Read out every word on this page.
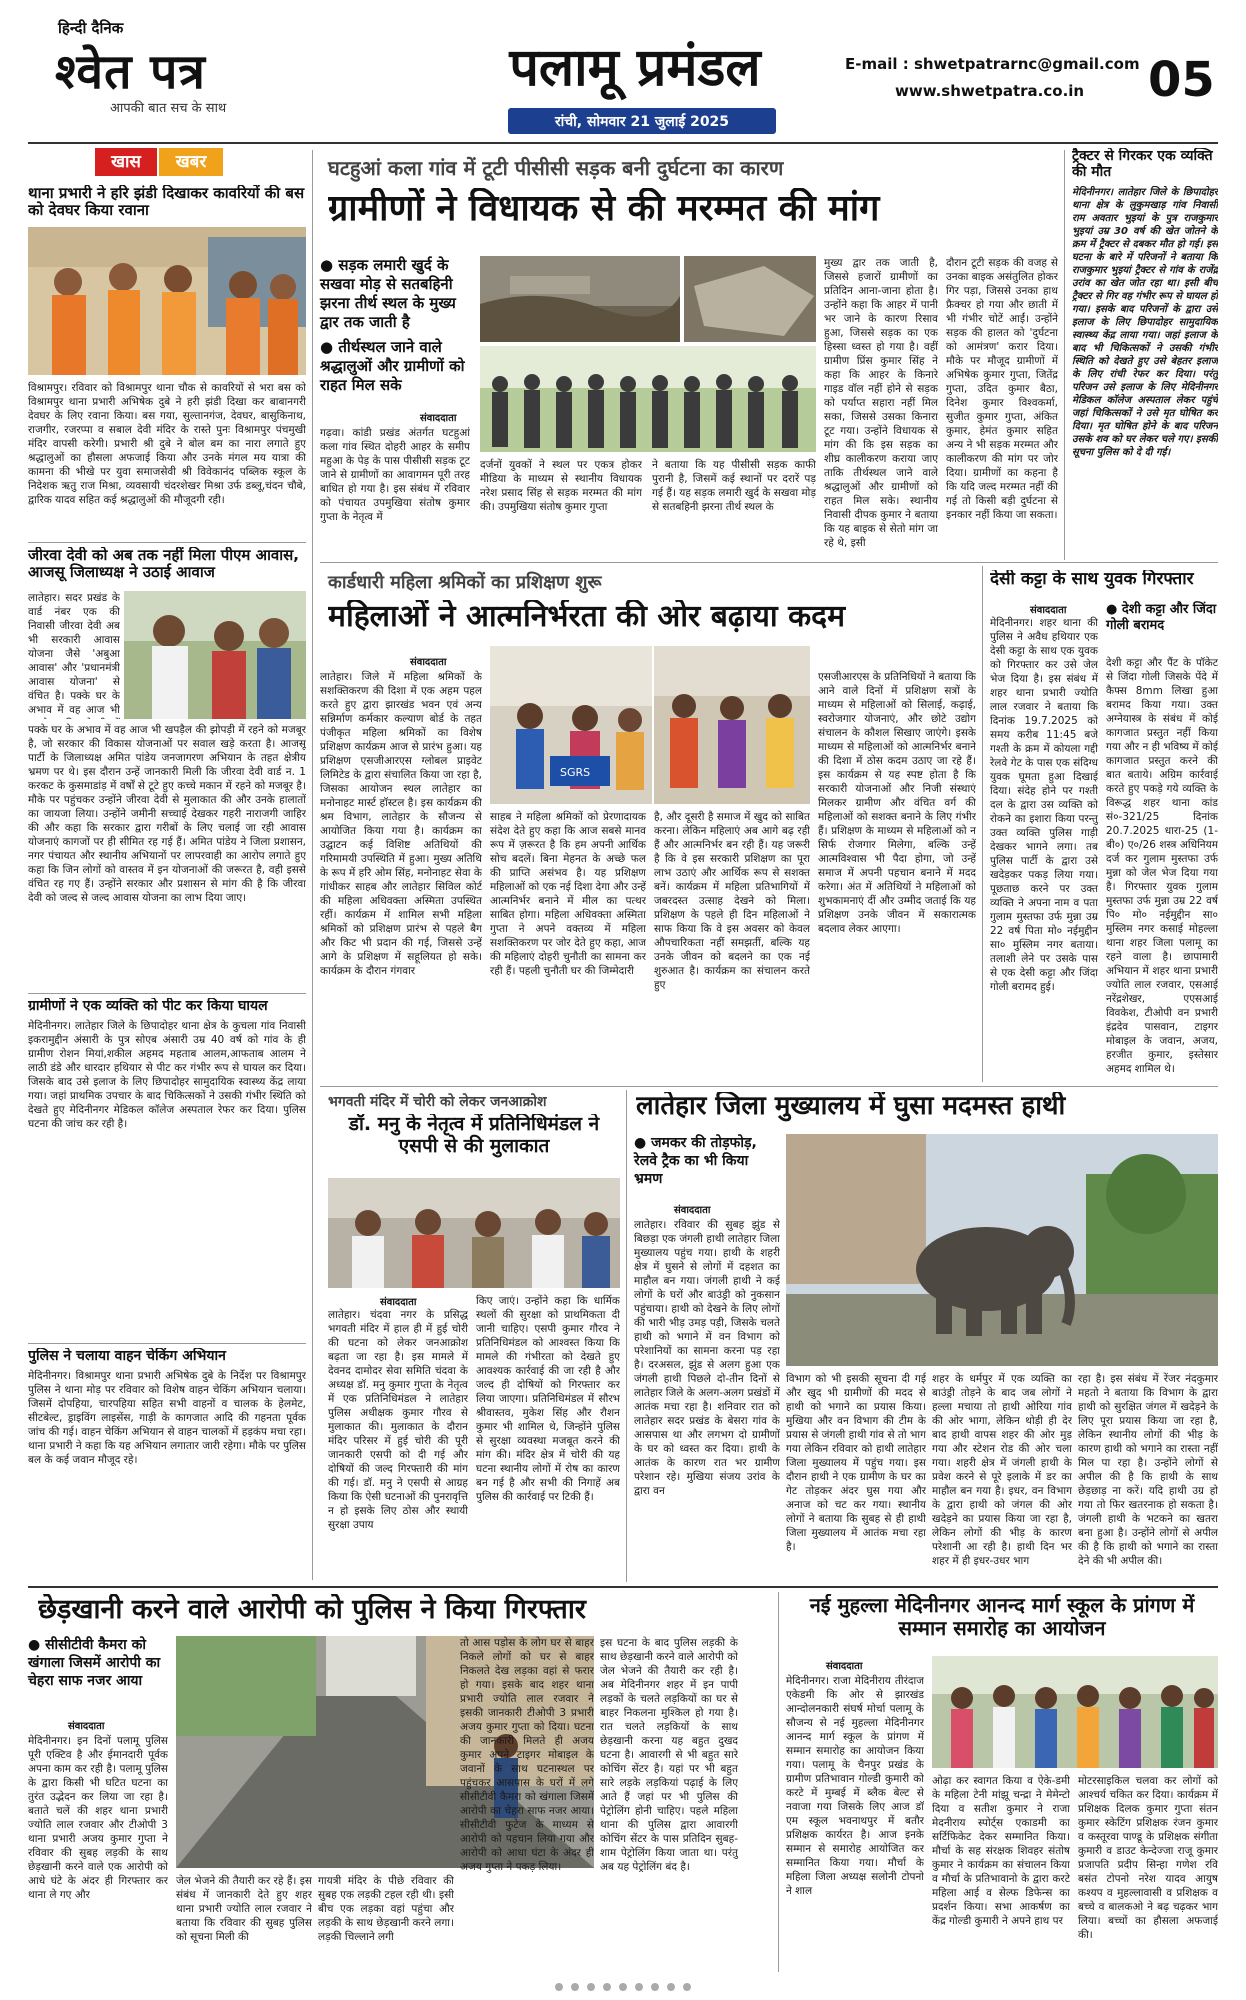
हिन्दी दैनिक
श्वेत पत्र
आपकी बात सच के साथ
पलामू प्रमंडल
रांची, सोमवार 21 जुलाई 2025
E-mail : shwetpatrarnc@gmail.com
www.shwetpatra.co.in 05
खास	खबर
थाना प्रभारी ने हरि झंडी दिखाकर कावरियों की बस को देवघर किया रवाना
विश्रामपुर। रविवार को विश्रामपुर थाना चौक से कावरियों से भरा बस को विश्रामपुर थाना प्रभारी अभिषेक दुबे ने हरी झंडी दिखा कर बाबानगरी देवघर के लिए रवाना किया। बस गया, सुल्तानगंज, देवघर, बासुकिनाथ, राजगीर, रजरप्पा व सबाल देवी मंदिर के रास्ते पुनः विश्रामपुर पंचमुखी मंदिर वापसी करेगी। प्रभारी श्री दुबे ने बोल बम का नारा लगाते हुए श्रद्धालुओं का हौसला अफजाई किया और उनके मंगल मय यात्रा की कामना की भीखे पर युवा समाजसेवी श्री विवेकानंद पब्लिक स्कूल के निदेशक ऋतु राज मिश्रा, व्यवसायी चंदरशेखर मिश्रा उर्फ डब्लू,चंदन चौबे, द्वारिक यादव सहित कई श्रद्धालुओं की मौजूदगी रही।
जीरवा देवी को अब तक नहीं मिला पीएम आवास, आजसू जिलाध्यक्ष ने उठाई आवाज
लातेहार। सदर प्रखंड के वार्ड नंबर एक की निवासी जीरवा देवी अब भी सरकारी आवास योजना जैसे 'अबुआ आवास' और 'प्रधानमंत्री आवास योजना' से वंचित है। पक्के घर के अभाव में वह आज भी
पक्के घर के अभाव में वह आज भी खपड़ैल की झोपड़ी में रहने को मजबूर है, जो सरकार की विकास योजनाओं पर सवाल खड़े करता है। आजसू पार्टी के जिलाध्यक्ष अमित पांडेय जनजागरण अभियान के तहत क्षेत्रीय भ्रमण पर थे। इस दौरान उन्हें जानकारी मिली कि जीरवा देवी वार्ड न. 1 करकट के कुसमाडांड़ में वर्षों से टूटे हुए कच्चे मकान में रहने को मजबूर है। मौके पर पहुंचकर उन्होंने जीरवा देवी से मुलाकात की और उनके हालातों का जायजा लिया। उन्होंने जमीनी सच्चाई देखकर गहरी नाराजगी जाहिर की और कहा कि सरकार द्वारा गरीबों के लिए चलाई जा रही आवास योजनाएं कागजों पर ही सीमित रह गई हैं। अमित पांडेय ने जिला प्रशासन, नगर पंचायत और स्थानीय अभियानों पर लापरवाही का आरोप लगाते हुए कहा कि जिन लोगों को वास्तव में इन योजनाओं की जरूरत है, वही इससे वंचित रह गए हैं। उन्होंने सरकार और प्रशासन से मांग की है कि जीरवा देवी को जल्द से जल्द आवास योजना का लाभ दिया जाए।
ग्रामीणों ने एक व्यक्ति को पीट कर किया घायल
मेदिनीनगर। लातेहार जिले के छिपादोहर थाना क्षेत्र के कुचला गांव निवासी इकरामुद्दीन अंसारी के पुत्र सोएब अंसारी उम्र 40 वर्ष को गांव के ही ग्रामीण रोशन मियां,शकील अहमद महताब आलम,आफताब आलम ने लाठी डंडे और धारदार हथियार से पीट कर गंभीर रूप से घायल कर दिया। जिसके बाद उसे इलाज के लिए छिपादोहर सामुदायिक स्वास्थ्य केंद्र लाया गया। जहां प्राथमिक उपचार के बाद चिकित्सकों ने उसकी गंभीर स्थिति को देखते हुए मेदिनीनगर मेडिकल कॉलेज अस्पताल रेफर कर दिया। पुलिस घटना की जांच कर रही है।
पुलिस ने चलाया वाहन चेकिंग अभियान
मेदिनीनगर। विश्रामपुर थाना प्रभारी अभिषेक दुबे के निर्देश पर विश्रामपुर पुलिस ने थाना मोड़ पर रविवार को विशेष वाहन चेकिंग अभियान चलाया। जिसमें दोपहिया, चारपहिया सहित सभी वाहनों व चालक के हेलमेट, सीटबेल्ट, ड्राइविंग लाइसेंस, गाड़ी के कागजात आदि की गहनता पूर्वक जांच की गई। वाहन चेकिंग अभियान से वाहन चालकों में हड़कंप मचा रहा। थाना प्रभारी ने कहा कि यह अभियान लगातार जारी रहेगा। मौके पर पुलिस बल के कई जवान मौजूद रहे।
घटहुआं कला गांव में टूटी पीसीसी सड़क बनी दुर्घटना का कारण
ग्रामीणों ने विधायक से की मरम्मत की मांग
● सड़क लमारी खुर्द के सखवा मोड़ से सतबहिनी झरना तीर्थ स्थल के मुख्य द्वार तक जाती है
● तीर्थस्थल जाने वाले श्रद्धालुओं और ग्रामीणों को राहत मिल सके
संवाददाता
गढ़वा। कांडी प्रखंड अंतर्गत घटहुआं कला गांव स्थित दोहरी आहर के समीप महुआ के पेड़ के पास पीसीसी सड़क टूट जाने से ग्रामीणों का आवागमन पूरी तरह बाधित हो गया है। इस संबंध में रविवार को पंचायत उपमुखिया संतोष कुमार गुप्ता के नेतृत्व में
दर्जनों युवकों ने स्थल पर एकत्र होकर मीडिया के माध्यम से स्थानीय विधायक नरेश प्रसाद सिंह से सड़क मरम्मत की मांग की। उपमुखिया संतोष कुमार गुप्ता
ने बताया कि यह पीसीसी सड़क काफी पुरानी है, जिसमें कई स्थानों पर दरारें पड़ गई हैं। यह सड़क लमारी खुर्द के सखवा मोड़ से सतबहिनी झरना तीर्थ स्थल के
मुख्य द्वार तक जाती है, जिससे हजारों ग्रामीणों का प्रतिदिन आना-जाना होता है। उन्होंने कहा कि आहर में पानी भर जाने के कारण रिसाव हुआ, जिससे सड़क का एक हिस्सा ध्वस्त हो गया है। वहीं ग्रामीण प्रिंस कुमार सिंह ने कहा कि आहर के किनारे गाइड वॉल नहीं होने से सड़क को पर्याप्त सहारा नहीं मिल सका, जिससे उसका किनारा टूट गया। उन्होंने विधायक से मांग की कि इस सड़क का शीघ्र कालीकरण कराया जाए ताकि तीर्थस्थल जाने वाले श्रद्धालुओं और ग्रामीणों को राहत मिल सके। स्थानीय निवासी दीपक कुमार ने बताया कि यह बाइक से सेतो मांग जा रहे थे, इसी
दौरान टूटी सड़क की वजह से उनका बाइक असंतुलित होकर गिर पड़ा, जिससे उनका हाथ फ्रैक्चर हो गया और छाती में भी गंभीर चोटें आईं। उन्होंने सड़क की हालत को 'दुर्घटना को आमंत्रण' करार दिया। मौके पर मौजूद ग्रामीणों में अभिषेक कुमार गुप्ता, जितेंद्र गुप्ता, उदित कुमार बैठा, दिनेश कुमार विश्वकर्मा, सुजीत कुमार गुप्ता, अंकित कुमार, हेमंत कुमार सहित अन्य ने भी सड़क मरम्मत और कालीकरण की मांग पर जोर दिया। ग्रामीणों का कहना है कि यदि जल्द मरम्मत नहीं की गई तो किसी बड़ी दुर्घटना से इनकार नहीं किया जा सकता।
ट्रैक्टर से गिरकर एक व्यक्ति की मौत
मेदिनीनगर। लातेहार जिले के छिपादोहर थाना क्षेत्र के लुकुमखाड़ गांव निवासी राम अवतार भुइयां के पुत्र राजकुमार भुइयां उम्र 30 वर्ष की खेत जोतने के क्रम में ट्रैक्टर से दबकर मौत हो गई। इस घटना के बारे में परिजनों ने बताया कि राजकुमार भुइयां ट्रैक्टर से गांव के राजेंद्र उरांव का खेत जोत रहा था। इसी बीच ट्रैक्टर से गिर वह गंभीर रूप से घायल हो गया। इसके बाद परिजनों के द्वारा उसे इलाज के लिए छिपादोहर सामुदायिक स्वास्थ्य केंद्र लाया गया। जहां इलाज के बाद भी चिकित्सकों ने उसकी गंभीर स्थिति को देखते हुए उसे बेहतर इलाज के लिए रांची रेफर कर दिया। परंतु परिजन उसे इलाज के लिए मेदिनीनगर मेडिकल कॉलेज अस्पताल लेकर पहुंचे जहां चिकित्सकों ने उसे मृत घोषित कर दिया। मृत घोषित होने के बाद परिजन उसके शव को घर लेकर चले गए। इसकी सूचना पुलिस को दे दी गई।
कार्डधारी महिला श्रमिकों का प्रशिक्षण शुरू
महिलाओं ने आत्मनिर्भरता की ओर बढ़ाया कदम
संवाददाता
लातेहार। जिले में महिला श्रमिकों के सशक्तिकरण की दिशा में एक अहम पहल करते हुए द्वारा झारखंड भवन एवं अन्य सन्निर्माण कर्मकार कल्याण बोर्ड के तहत पंजीकृत महिला श्रमिकों का विशेष प्रशिक्षण कार्यक्रम आज से प्रारंभ हुआ। यह प्रशिक्षण एसजीआरएस ग्लोबल प्राइवेट लिमिटेड के द्वारा संचालित किया जा रहा है, जिसका आयोजन स्थल लातेहार का मनोनाहट मार्स्ट हॉस्टल है। इस कार्यक्रम की श्रम विभाग, लातेहार के सौजन्य से आयोजित किया गया है। कार्यक्रम का उद्घाटन कई विशिष्ट अतिथियों की गरिमामयी उपस्थिति में हुआ। मुख्य अतिथि के रूप में हरि ओम सिंह, मनोनाहट सेवा के गांधीकर साहब और लातेहार सिविल कोर्ट की महिला अधिवक्ता अस्मिता उपस्थित रहीं। कार्यक्रम में शामिल सभी महिला श्रमिकों को प्रशिक्षण प्रारंभ से पहले बैग और किट भी प्रदान की गई, जिससे उन्हें आगे के प्रशिक्षण में सहूलियत हो सके। कार्यक्रम के दौरान गंगवार
SGRS
साहब ने महिला श्रमिकों को प्रेरणादायक संदेश देते हुए कहा कि आज सबसे मानव रूप में ज़रूरत है कि हम अपनी आर्थिक सोच बदलें। बिना मेहनत के अच्छे फल की प्राप्ति असंभव है। यह प्रशिक्षण महिलाओं को एक नई दिशा देगा और उन्हें आत्मनिर्भर बनाने में मील का पत्थर साबित होगा। महिला अधिवक्ता अस्मिता गुप्ता ने अपने वक्तव्य में महिला सशक्तिकरण पर जोर देते हुए कहा, आज की महिलाएं दोहरी चुनौती का सामना कर रही हैं। पहली चुनौती घर की जिम्मेदारी
है, और दूसरी है समाज में खुद को साबित करना। लेकिन महिलाएं अब आगे बढ़ रही हैं और आत्मनिर्भर बन रही हैं। यह जरूरी है कि वे इस सरकारी प्रशिक्षण का पूरा लाभ उठाएं और आर्थिक रूप से सशक्त बनें। कार्यक्रम में महिला प्रतिभागियों में जबरदस्त उत्साह देखने को मिला। प्रशिक्षण के पहले ही दिन महिलाओं ने साफ किया कि वे इस अवसर को केवल औपचारिकता नहीं समझतीं, बल्कि यह उनके जीवन को बदलने का एक नई शुरुआत है। कार्यक्रम का संचालन करते हुए
एसजीआरएस के प्रतिनिधियों ने बताया कि आने वाले दिनों में प्रशिक्षण सत्रों के माध्यम से महिलाओं को सिलाई, कढ़ाई, स्वरोजगार योजनाएं, और छोटे उद्योग संचालन के कौशल सिखाए जाएंगे। इसके माध्यम से महिलाओं को आत्मनिर्भर बनाने की दिशा में ठोस कदम उठाए जा रहे हैं। इस कार्यक्रम से यह स्पष्ट होता है कि सरकारी योजनाओं और निजी संस्थाएं मिलकर ग्रामीण और वंचित वर्ग की महिलाओं को सशक्त बनाने के लिए गंभीर हैं। प्रशिक्षण के माध्यम से महिलाओं को न सिर्फ रोजगार मिलेगा, बल्कि उन्हें आत्मविश्वास भी पैदा होगा, जो उन्हें समाज में अपनी पहचान बनाने में मदद करेगा। अंत में अतिथियों ने महिलाओं को शुभकामनाएं दीं और उम्मीद जताई कि यह प्रशिक्षण उनके जीवन में सकारात्मक बदलाव लेकर आएगा।
देसी कट्टा के साथ युवक गिरफ्तार
संवाददाता
मेदिनीनगर। शहर थाना की पुलिस ने अवैध हथियार एक देसी कट्टा के साथ एक युवक को गिरफ्तार कर उसे जेल भेज दिया है। इस संबंध में शहर थाना प्रभारी ज्योति लाल रजवार ने बताया कि दिनांक 19.7.2025 को समय करीब 11:45 बजे गश्ती के क्रम में कोयला गद्दी रेलवे गेट के पास एक संदिग्ध युवक घूमता हुआ दिखाई दिया। संदेह होने पर गश्ती दल के द्वारा उस व्यक्ति को रोकने का इशारा किया परन्तु उक्त व्यक्ति पुलिस गाड़ी देखकर भागने लगा। तब पुलिस पार्टी के द्वारा उसे खदेड़कर पकड़ लिया गया। पूछताछ करने पर उक्त व्यक्ति ने अपना नाम व पता गुलाम मुस्तफा उर्फ मुन्ना उम्र 22 वर्ष पिता मो० नईमुद्दीन सा० मुस्लिम नगर बताया। तलाशी लेने पर उसके पास से एक देसी कट्टा और जिंदा गोली बरामद हुई।
● देशी कट्टा और जिंदा गोली बरामद
देशी कट्टा और पैंट के पॉकेट से जिंदा गोली जिसके पेंदे में कैफ्स 8mm लिखा हुआ बरामद किया गया। उक्त अग्नेयास्त्र के संबंध में कोई कागजात प्रस्तुत नहीं किया गया और न ही भविष्य में कोई कागजात प्रस्तुत करने की बात बताये। अग्रिम कार्रवाई करते हुए पकड़े गये व्यक्ति के विरूद्ध शहर थाना कांड सं०-321/25 दिनांक 20.7.2025 धारा-25 (1-बी०) ए०/26 शस्त्र अधिनियम दर्ज कर गुलाम मुस्तफा उर्फ मुन्ना को जेल भेज दिया गया है। गिरफ्तार युवक गुलाम मुस्तफा उर्फ मुन्ना उम्र 22 वर्ष पि० मो० नईमुद्दीन सा० मुस्लिम नगर कसाई मोहल्ला थाना शहर जिला पलामू का रहने वाला है। छापामारी अभियान में शहर थाना प्रभारी ज्योति लाल रजवार, एसआई नरेंद्रशेखर, एएसआई विवकेश, टीओपी वन प्रभारी इंद्रदेव पासवान, टाइगर मोबाइल के जवान, अजय, हरजीत कुमार, इस्तेसार अहमद शामिल थे।
भगवती मंदिर में चोरी को लेकर जनआक्रोश
डॉ. मनु के नेतृत्व में प्रतिनिधिमंडल ने एसपी से की मुलाकात
संवाददाता
लातेहार। चंदवा नगर के प्रसिद्ध भगवती मंदिर में हाल ही में हुई चोरी की घटना को लेकर जनआक्रोश बढ़ता जा रहा है। इस मामले में देवनद दामोदर सेवा समिति चंदवा के अध्यक्ष डॉ. मनु कुमार गुप्ता के नेतृत्व में एक प्रतिनिधिमंडल ने लातेहार पुलिस अधीक्षक कुमार गौरव से मुलाकात की। मुलाकात के दौरान मंदिर परिसर में हुई चोरी की पूरी जानकारी एसपी को दी गई और दोषियों की जल्द गिरफ्तारी की मांग की गई। डॉ. मनु ने एसपी से आग्रह किया कि ऐसी घटनाओं की पुनरावृत्ति न हो इसके लिए ठोस और स्थायी सुरक्षा उपाय
किए जाएं। उन्होंने कहा कि धार्मिक स्थलों की सुरक्षा को प्राथमिकता दी जानी चाहिए। एसपी कुमार गौरव ने प्रतिनिधिमंडल को आश्वस्त किया कि मामले की गंभीरता को देखते हुए आवश्यक कार्रवाई की जा रही है और जल्द ही दोषियों को गिरफ्तार कर लिया जाएगा। प्रतिनिधिमंडल में सौरभ श्रीवास्तव, मुकेश सिंह और रौशन कुमार भी शामिल थे, जिन्होंने पुलिस से सुरक्षा व्यवस्था मजबूत करने की मांग की। मंदिर क्षेत्र में चोरी की यह घटना स्थानीय लोगों में रोष का कारण बन गई है और सभी की निगाहें अब पुलिस की कार्रवाई पर टिकी हैं।
लातेहार जिला मुख्यालय में घुसा मदमस्त हाथी
● जमकर की तोड़फोड़, रेलवे ट्रैक का भी किया भ्रमण
संवाददाता
लातेहार। रविवार की सुबह झुंड से बिछड़ा एक जंगली हाथी लातेहार जिला मुख्यालय पहुंच गया। हाथी के शहरी क्षेत्र में घुसने से लोगों में दहशत का माहौल बन गया। जंगली हाथी ने कई लोगों के घरों और बाउंड्री को नुकसान पहुंचाया। हाथी को देखने के लिए लोगों की भारी भीड़ उमड़ पड़ी, जिसके चलते हाथी को भगाने में वन विभाग को परेशानियों का सामना करना पड़ रहा है। दरअसल, झुंड से अलग हुआ एक जंगली हाथी पिछले दो-तीन दिनों से लातेहार जिले के अलग-अलग प्रखंडों में आतंक मचा रहा है। शनिवार रात को लातेहार सदर प्रखंड के बेसरा गांव के आसपास था और लगभग दो ग्रामीणों के घर को ध्वस्त कर दिया। हाथी के आतंक के कारण रात भर ग्रामीण परेशान रहे। मुखिया संजय उरांव के द्वारा वन
विभाग को भी इसकी सूचना दी गई और खुद भी ग्रामीणों की मदद से हाथी को भगाने का प्रयास किया। मुखिया और वन विभाग की टीम के प्रयास से जंगली हाथी गांव से तो भाग गया लेकिन रविवार को हाथी लातेहार जिला मुख्यालय में पहुंच गया। इस दौरान हाथी ने एक ग्रामीण के घर का गेट तोड़कर अंदर घुस गया और अनाज को चट कर गया। स्थानीय लोगों ने बताया कि सुबह से ही हाथी जिला मुख्यालय में आतंक मचा रहा है।
शहर के धर्मपुर में एक व्यक्ति का बाउंड्री तोड़ने के बाद जब लोगों ने हल्ला मचाया तो हाथी ओरिया गांव की ओर भागा, लेकिन थोड़ी ही देर बाद हाथी वापस शहर की ओर मुड़ गया और स्टेशन रोड की ओर चला गया। शहरी क्षेत्र में जंगली हाथी के प्रवेश करने से पूरे इलाके में डर का माहौल बन गया है। इधर, वन विभाग के द्वारा हाथी को जंगल की ओर खदेड़ने का प्रयास किया जा रहा है, लेकिन लोगों की भीड़ के कारण परेशानी आ रही है। हाथी दिन भर शहर में ही इधर-उधर भाग
रहा है। इस संबंध में रेंजर नंदकुमार महतो ने बताया कि विभाग के द्वारा हाथी को सुरक्षित जंगल में खदेड़ने के लिए पूरा प्रयास किया जा रहा है, लेकिन स्थानीय लोगों की भीड़ के कारण हाथी को भगाने का रास्ता नहीं मिल पा रहा है। उन्होंने लोगों से अपील की है कि हाथी के साथ छेड़छाड़ ना करें। यदि हाथी उग्र हो गया तो फिर खतरनाक हो सकता है। जंगली हाथी के भटकने का खतरा बना हुआ है। उन्होंने लोगों से अपील की है कि हाथी को भगाने का रास्ता देने की भी अपील की।
छेड़खानी करने वाले आरोपी को पुलिस ने किया गिरफ्तार
● सीसीटीवी कैमरा को खंगाला जिसमें आरोपी का चेहरा साफ नजर आया
संवाददाता
मेदिनीनगर। इन दिनों पलामू पुलिस पूरी एक्टिव है और ईमानदारी पूर्वक अपना काम कर रही है। पलामू पुलिस के द्वारा किसी भी घटित घटना का तुरंत उद्भेदन कर लिया जा रहा है। बताते चलें की शहर थाना प्रभारी ज्योति लाल रजवार और टीओपी 3 थाना प्रभारी अजय कुमार गुप्ता ने रविवार की सुबह लड़की के साथ छेड़खानी करने वाले एक आरोपी को आधे घंटे के अंदर ही गिरफ्तार कर थाना ले गए और
जेल भेजने की तैयारी कर रहे हैं। इस संबंध में जानकारी देते हुए शहर थाना प्रभारी ज्योति लाल रजवार ने बताया कि रविवार की सुबह पुलिस को सूचना मिली की
गायत्री मंदिर के पीछे रविवार की सुबह एक लड़की टहल रही थी। इसी बीच एक लड़का वहां पहुंचा और लड़की के साथ छेड़खानी करने लगा। लड़की चिल्लाने लगी
तो आस पड़ोस के लोग घर से बाहर निकले लोगों को घर से बाहर निकलते देख लड़का वहां से फरार हो गया। इसके बाद शहर थाना प्रभारी ज्योति लाल रजवार ने इसकी जानकारी टीओपी 3 प्रभारी अजय कुमार गुप्ता को दिया। घटना की जानकारी मिलते ही अजय कुमार अपने टाइगर मोबाइल के जवानों के साथ घटनास्थल पर पहुंचकर आसपास के घरों में लगे सीसीटीवी कैमरा को खंगाला जिसमें आरोपी का चेहरा साफ नजर आया। सीसीटीवी फुटेज के माध्यम से आरोपी को पहचान लिया गया और आरोपी को आधा घंटा के अंदर ही अजय गुप्ता ने पकड़ लिया।
इस घटना के बाद पुलिस लड़की के साथ छेड़खानी करने वाले आरोपी को जेल भेजने की तैयारी कर रही है। अब मेदिनीनगर शहर में इन पापी लड़कों के चलते लड़कियों का घर से बाहर निकलना मुश्किल हो गया है। रात चलते लड़कियों के साथ छेड़खानी करना यह बहुत दुखद घटना है। आवारगी से भी बहुत सारे कोचिंग सेंटर है। यहां पर भी बहुत सारे लड़के लड़कियां पढ़ाई के लिए आते हैं जहां पर भी पुलिस की पेट्रोलिंग होनी चाहिए। पहले महिला थाना की पुलिस द्वारा आवारगी कोचिंग सेंटर के पास प्रतिदिन सुबह-शाम पेट्रोलिंग किया जाता था। परंतु अब यह पेट्रोलिंग बंद है।
नई मुहल्ला मेदिनीनगर आनन्द मार्ग स्कूल के प्रांगण में सम्मान समारोह का आयोजन
संवाददाता
मेदिनीनगर। राजा मेदिनीराय तीरंदाज एकेडमी कि ओर से झारखंड आन्दोलनकारी संघर्ष मोर्चा पलामू के सौजन्य से नई मुहल्ला मेदिनीनगर आनन्द मार्ग स्कूल के प्रांगण में सम्मान समारोह का आयोजन किया गया। पलामू के चैनपुर प्रखंड के ग्रामीण प्रतिभावान गोल्डी कुमारी को करटे में मुम्बई में ब्लैक बेल्ट से नवाजा गया जिसके लिए आज डॉ एम स्कूल भवनाथपुर में बतौर प्रशिक्षक कार्यरत है। आज इनके सम्मान से समारोह आयोजित कर सम्मानित किया गया। मौर्चा के महिला जिला अध्यक्ष सलोनी टोपनो ने शाल
ओढ़ा कर स्वागत किया व ऐके-डमी के महिला टेनी मांझू चन्द्रा ने मेमेन्टो दिया व सतीश कुमार ने राजा मेदनीराय स्पोर्ट्स एकाडमी का सर्टिफिकेट देकर सम्मानित किया। मौर्चा के सह संरक्षक शिवहर संतोष कुमार ने कार्यक्रम का संचालन किया व मौर्चा के प्रतिभावानो के द्वारा करटे महिला आई व सेल्फ डिफेन्स का प्रदर्शन किया। सभा आकर्षण का केंद्र गोल्डी कुमारी ने अपने हाथ पर
मोटरसाइकिल चलवा कर लोगों को आश्चर्य चकित कर दिया। कार्यक्रम में प्रशिक्षक दिलक कुमार गुप्ता संतन कुमार स्केटिंग प्रशिक्षक रंजन कुमार व कस्तूरवा पाण्डू के प्रशिक्षक संगीता कुमारी व डाउट केन्देज्जा राजू कुमार प्रजापति प्रदीप सिन्हा गणेश रवि बसंत टोपनो नरेश यादव आयुष कश्यप व मुहल्लावासी व प्रशिक्षक व बच्चे व बालकओ ने बढ़ चढ़कर भाग लिया। बच्चों का हौसला अफजाई की।
